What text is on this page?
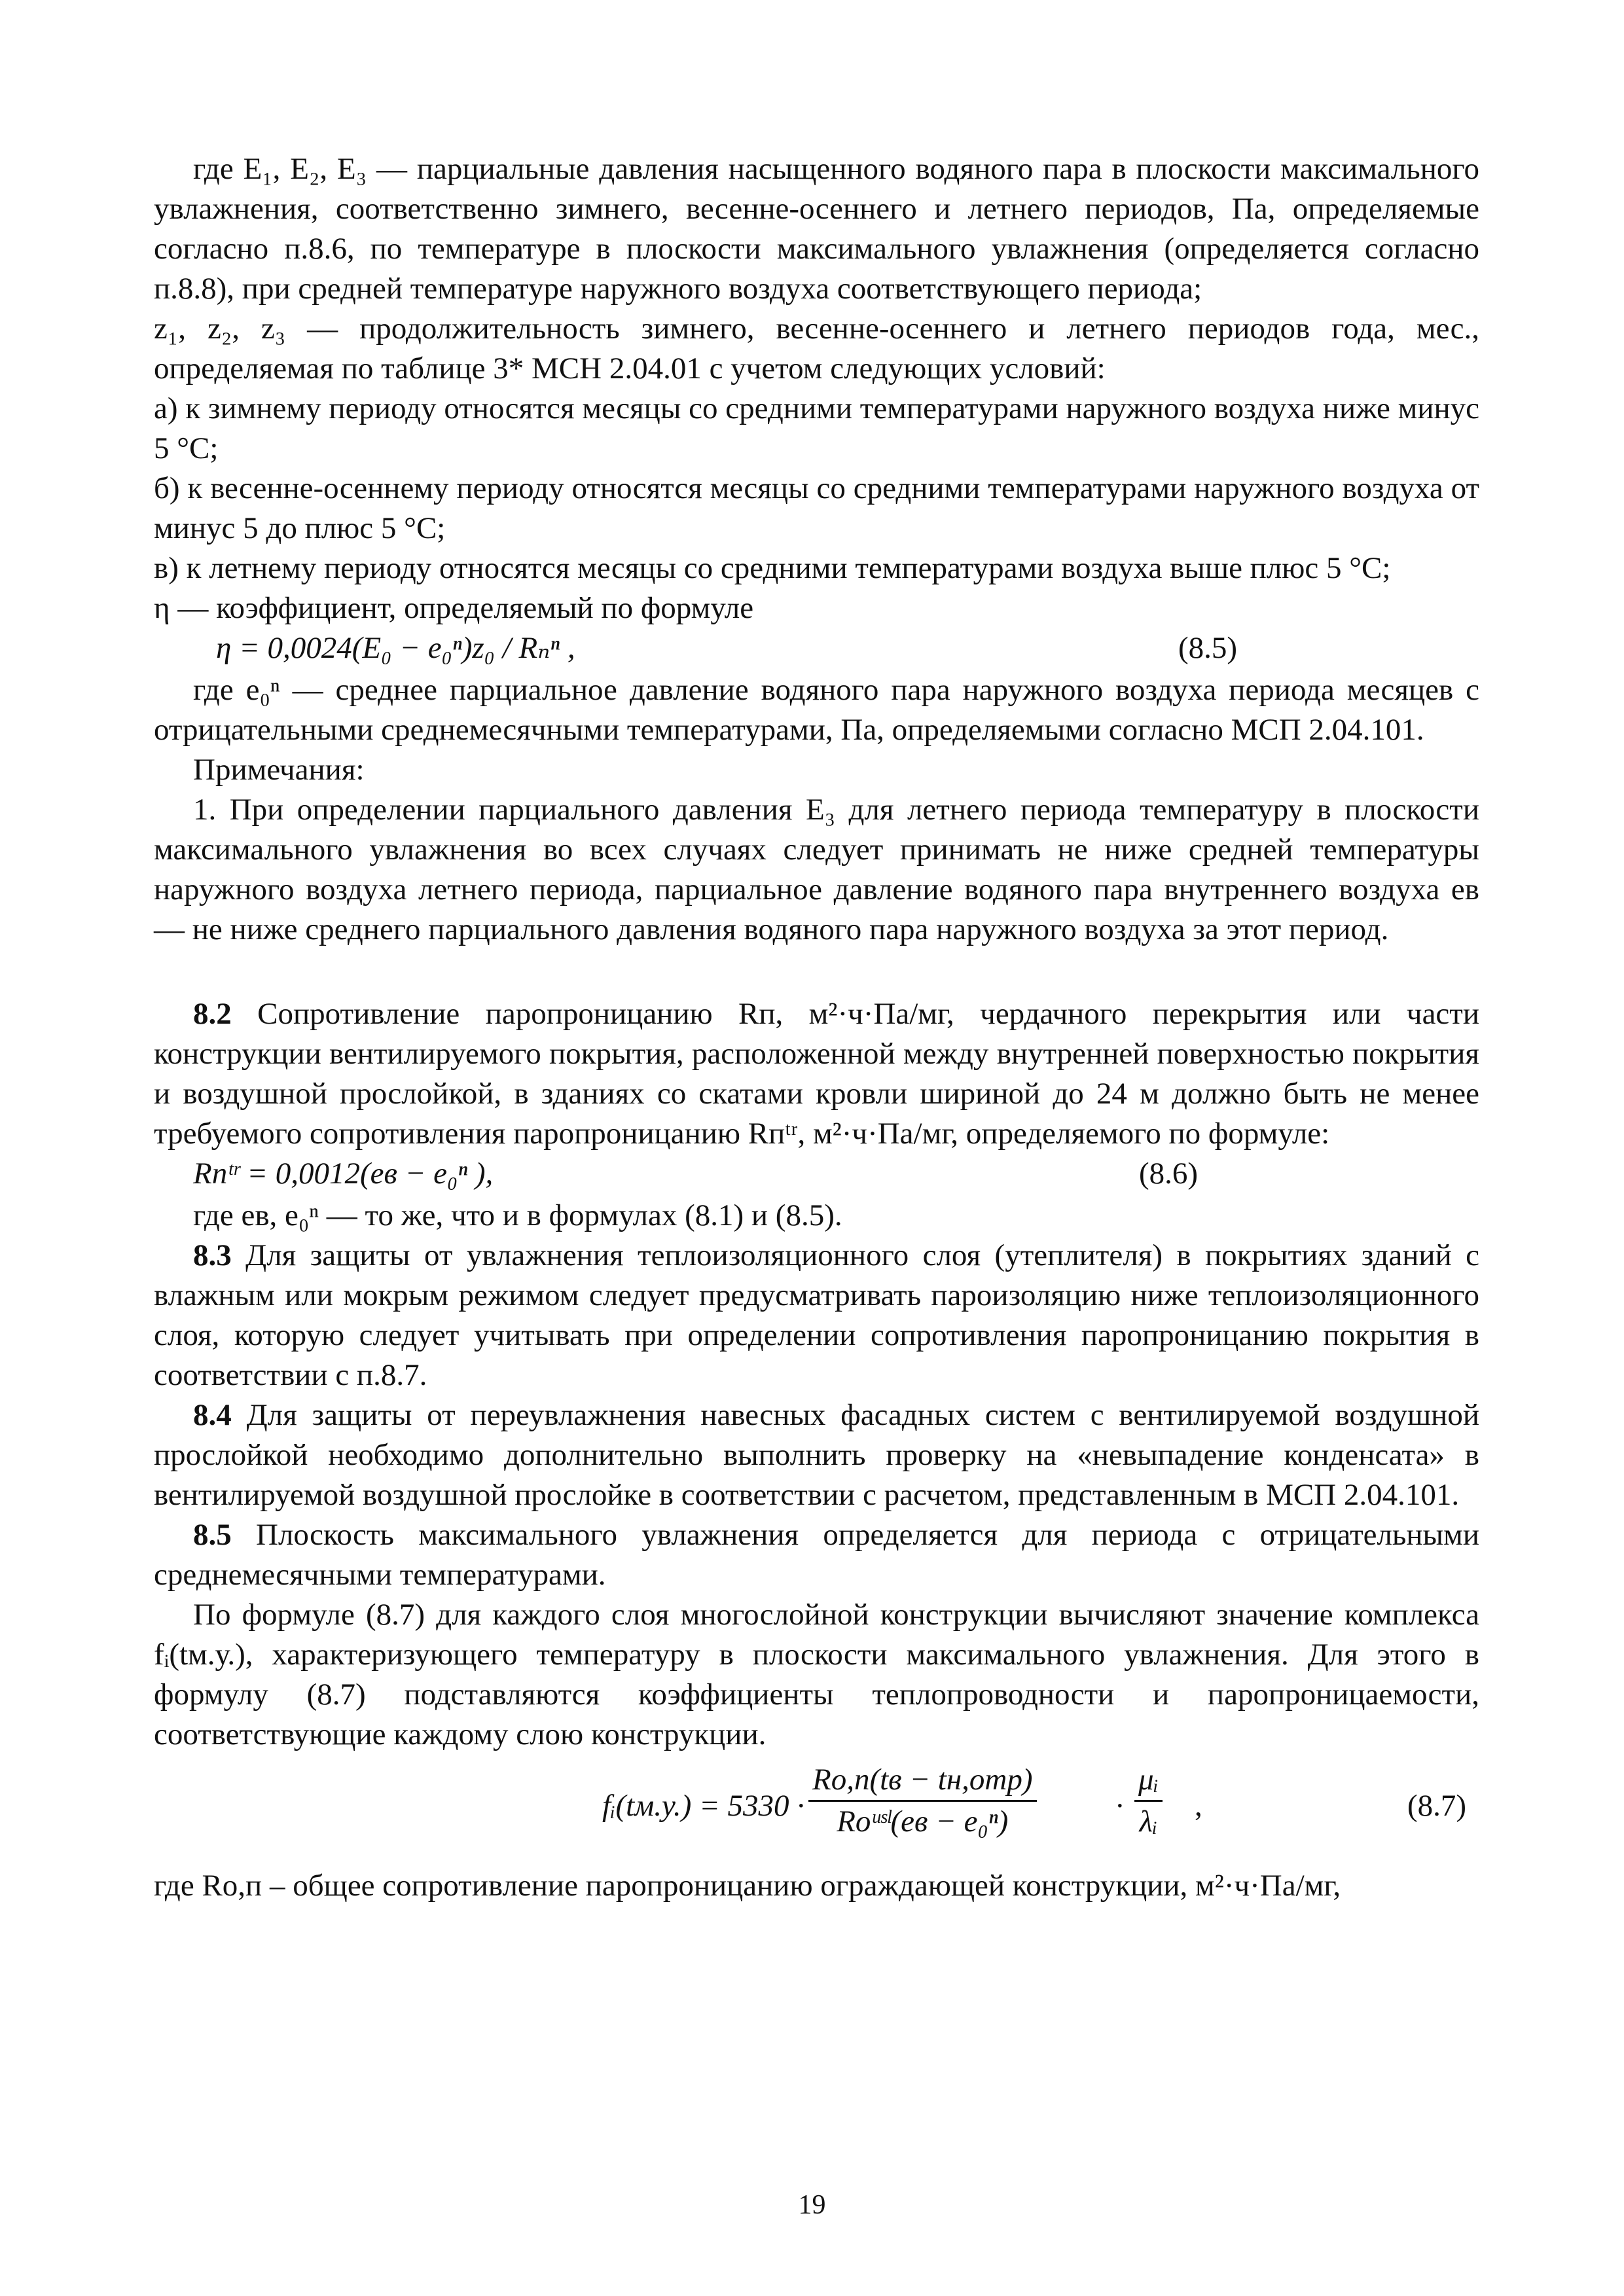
где E₁, E₂, E₃ — парциальные давления насыщенного водяного пара в плоскости максимального увлажнения, соответственно зимнего, весенне-осеннего и летнего периодов, Па, определяемые согласно п.8.6, по температуре в плоскости максимального увлажнения (определяется согласно п.8.8), при средней температуре наружного воздуха соответствующего периода;

z₁, z₂, z₃ — продолжительность зимнего, весенне-осеннего и летнего периодов года, мес., определяемая по таблице 3* МСН 2.04.01 с учетом следующих условий:

а) к зимнему периоду относятся месяцы со средними температурами наружного воздуха ниже минус 5 °С;

б) к весенне-осеннему периоду относятся месяцы со средними температурами наружного воздуха от минус 5 до плюс 5 °С;

в) к летнему периоду относятся месяцы со средними температурами воздуха выше плюс 5 °С;

η — коэффициент, определяемый по формуле

η = 0,0024(E₀ − e₀ⁿ)z₀ / Rₙⁿ ,	(8.5)

где e₀ⁿ — среднее парциальное давление водяного пара наружного воздуха периода месяцев с отрицательными среднемесячными температурами, Па, определяемыми согласно МСП 2.04.101.

Примечания:

1. При определении парциального давления E₃ для летнего периода температуру в плоскости максимального увлажнения во всех случаях следует принимать не ниже средней температуры наружного воздуха летнего периода, парциальное давление водяного пара внутреннего воздуха eв — не ниже среднего парциального давления водяного пара наружного воздуха за этот период.

8.2 Сопротивление паропроницанию Rп, м²·ч·Па/мг, чердачного перекрытия или части конструкции вентилируемого покрытия, расположенной между внутренней поверхностью покрытия и воздушной прослойкой, в зданиях со скатами кровли шириной до 24 м должно быть не менее требуемого сопротивления паропроницанию Rпᵗʳ, м²·ч·Па/мг, определяемого по формуле:

Rпᵗʳ = 0,0012(eв − e₀ⁿ ),	(8.6)

где eв, e₀ⁿ — то же, что и в формулах (8.1) и (8.5).

8.3 Для защиты от увлажнения теплоизоляционного слоя (утеплителя) в покрытиях зданий с влажным или мокрым режимом следует предусматривать пароизоляцию ниже теплоизоляционного слоя, которую следует учитывать при определении сопротивления паропроницанию покрытия в соответствии с п.8.7.

8.4 Для защиты от переувлажнения навесных фасадных систем с вентилируемой воздушной прослойкой необходимо дополнительно выполнить проверку на «невыпадение конденсата» в вентилируемой воздушной прослойке в соответствии с расчетом, представленным в МСП 2.04.101.

8.5 Плоскость максимального увлажнения определяется для периода с отрицательными среднемесячными температурами.

По формуле (8.7) для каждого слоя многослойной конструкции вычисляют значение комплекса fᵢ(tм.у.), характеризующего температуру в плоскости максимального увлажнения. Для этого в формулу (8.7) подставляются коэффициенты теплопроводности и паропроницаемости, соответствующие каждому слою конструкции.

fᵢ(tм.у.) = 5330 ·
Rо,п(tв − tн,отр)
Rоᵘˢˡ(eв − e₀ⁿ)	·
μᵢ
λᵢ ,	(8.7)

где Rо,п – общее сопротивление паропроницанию ограждающей конструкции, м²·ч·Па/мг,

19
